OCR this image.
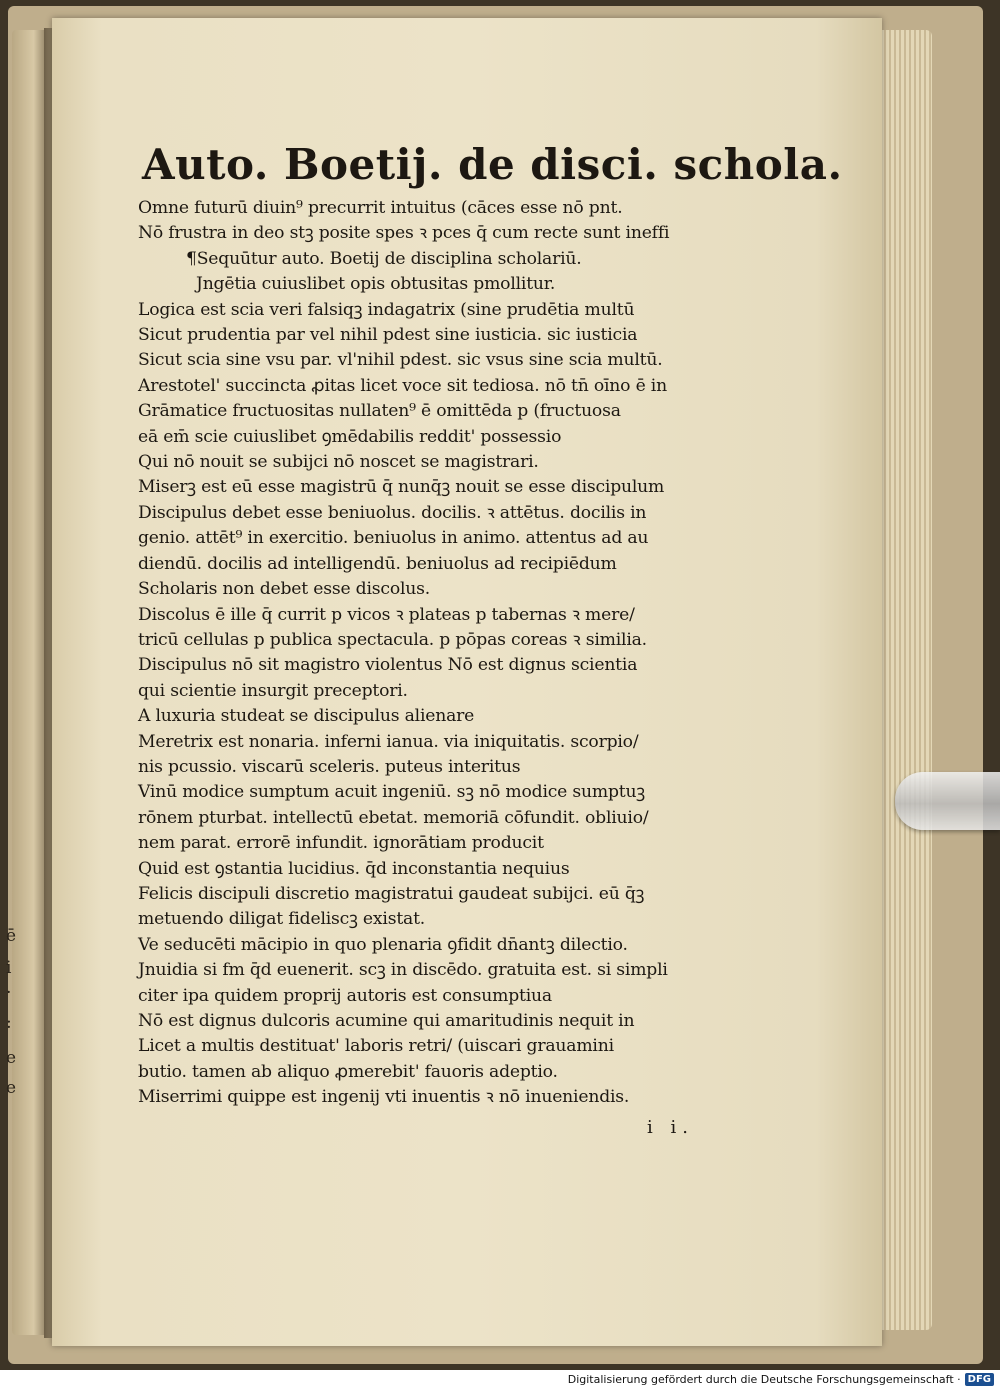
ē
i
·
:
e
e
Auto. Boetij. de disci. schola.
Omne futurū diuin⁹ precurrit intuitus (cāces esse nō pnt.
Nō frustra in deo stꝫ posite spes ꝛ pces q̄ cum recte sunt ineffi
¶Sequūtur auto. Boetij de disciplina scholariū.
Jngētia cuiuslibet opis obtusitas pmollitur.
Logica est scia veri falsiqꝫ indagatrix (sine prudētia multū
Sicut prudentia par vel nihil pdest sine iusticia. sic iusticia
Sicut scia sine vsu par. vl'nihil pdest. sic vsus sine scia multū.
Arestotel' succincta ꝓitas licet voce sit tediosa. nō tn̄ oīno ē in
Grāmatice fructuositas nullaten⁹ ē omittēda p (fructuosa
eā em̄ scie cuiuslibet ꝯmēdabilis reddit' possessio
Qui nō nouit se subijci nō noscet se magistrari.
Miserꝫ est eū esse magistrū q̄ nunq̄ꝫ nouit se esse discipulum
Discipulus debet esse beniuolus. docilis. ꝛ attētus. docilis in
genio. attēt⁹ in exercitio. beniuolus in animo. attentus ad au
diendū. docilis ad intelligendū. beniuolus ad recipiēdum
Scholaris non debet esse discolus.
Discolus ē ille q̄ currit p vicos ꝛ plateas p tabernas ꝛ mere/
tricū cellulas p publica spectacula. p pōpas coreas ꝛ similia.
Discipulus nō sit magistro violentus Nō est dignus scientia
qui scientie insurgit preceptori.
A luxuria studeat se discipulus alienare
Meretrix est nonaria. inferni ianua. via iniquitatis. scorpio/
nis pcussio. viscarū sceleris. puteus interitus
Vinū modice sumptum acuit ingeniū. sꝫ nō modice sumptuꝫ
rōnem pturbat. intellectū ebetat. memoriā cōfundit. obliuio/
nem parat. errorē infundit. ignorātiam producit
Quid est ꝯstantia lucidius. q̄d inconstantia nequius
Felicis discipuli discretio magistratui gaudeat subijci. eū q̄ꝫ
metuendo diligat fideliscꝫ existat.
Ve seducēti mācipio in quo plenaria ꝯfidit dn̄antꝫ dilectio.
Jnuidia si fm q̄d euenerit. scꝫ in discēdo. gratuita est. si simpli
citer ipa quidem proprij autoris est consumptiua
Nō est dignus dulcoris acumine qui amaritudinis nequit in
Licet a multis destituat' laboris retri/ (uiscari grauamini
butio. tamen ab aliquo ꝓmerebit' fauoris adeptio.
Miserrimi quippe est ingenij vti inuentis ꝛ nō inueniendis.
i i.
Digitalisierung gefördert durch die Deutsche Forschungsgemeinschaft · DFG
